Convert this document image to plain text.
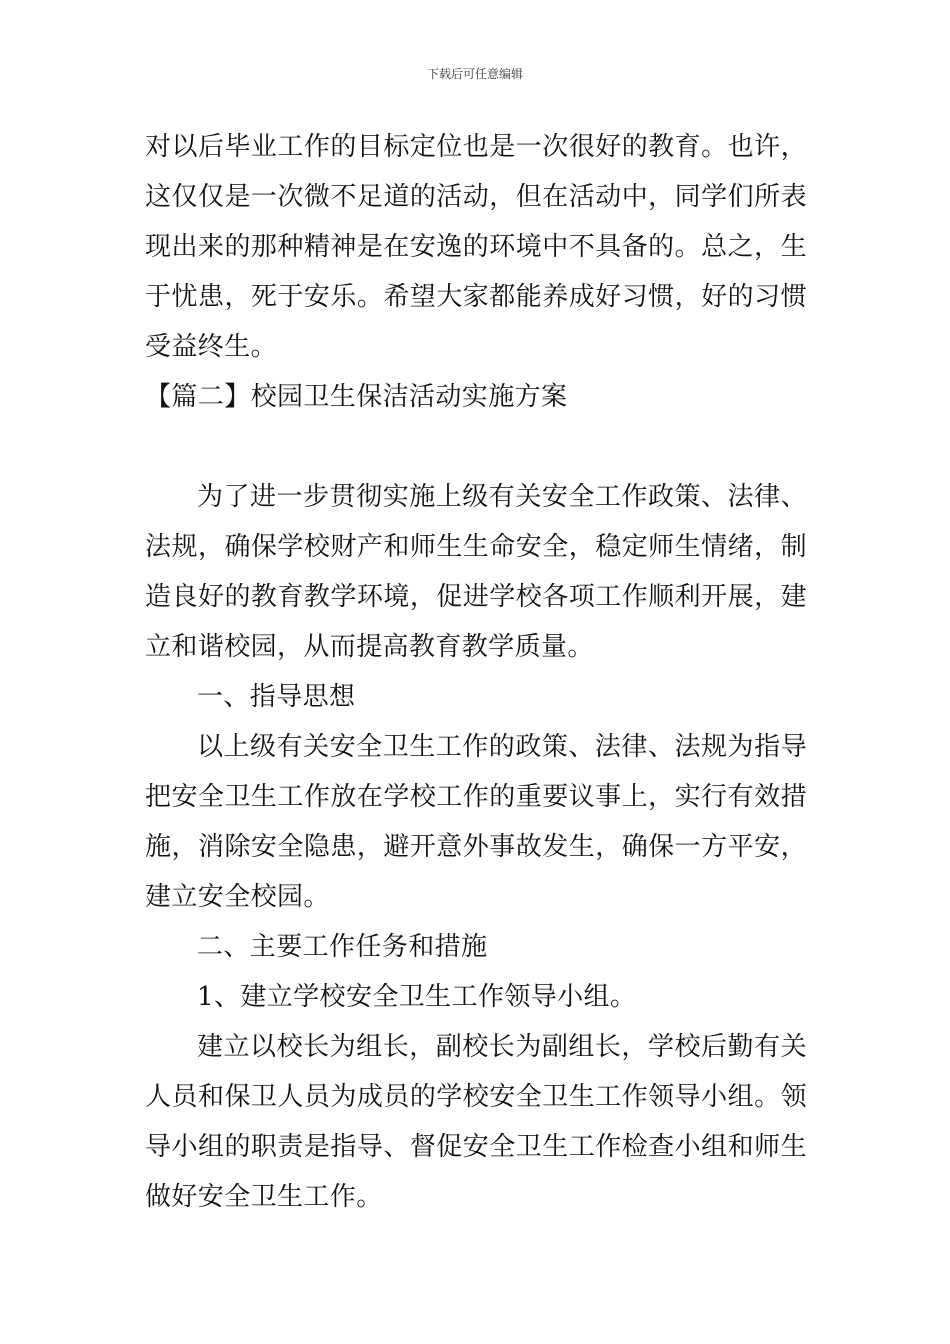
下载后可任意编辑

对以后毕业工作的目标定位也是一次很好的教育。也许，这仅仅是一次微不足道的活动，但在活动中，同学们所表现出来的那种精神是在安逸的环境中不具备的。总之，生于忧患，死于安乐。希望大家都能养成好习惯，好的习惯受益终生。

【篇二】校园卫生保洁活动实施方案

为了进一步贯彻实施上级有关安全工作政策、法律、法规，确保学校财产和师生生命安全，稳定师生情绪，制造良好的教育教学环境，促进学校各项工作顺利开展，建立和谐校园，从而提高教育教学质量。

一、指导思想

以上级有关安全卫生工作的政策、法律、法规为指导把安全卫生工作放在学校工作的重要议事上，实行有效措施，消除安全隐患，避开意外事故发生，确保一方平安，建立安全校园。

二、主要工作任务和措施

1、建立学校安全卫生工作领导小组。

建立以校长为组长，副校长为副组长，学校后勤有关人员和保卫人员为成员的学校安全卫生工作领导小组。领导小组的职责是指导、督促安全卫生工作检查小组和师生做好安全卫生工作。
